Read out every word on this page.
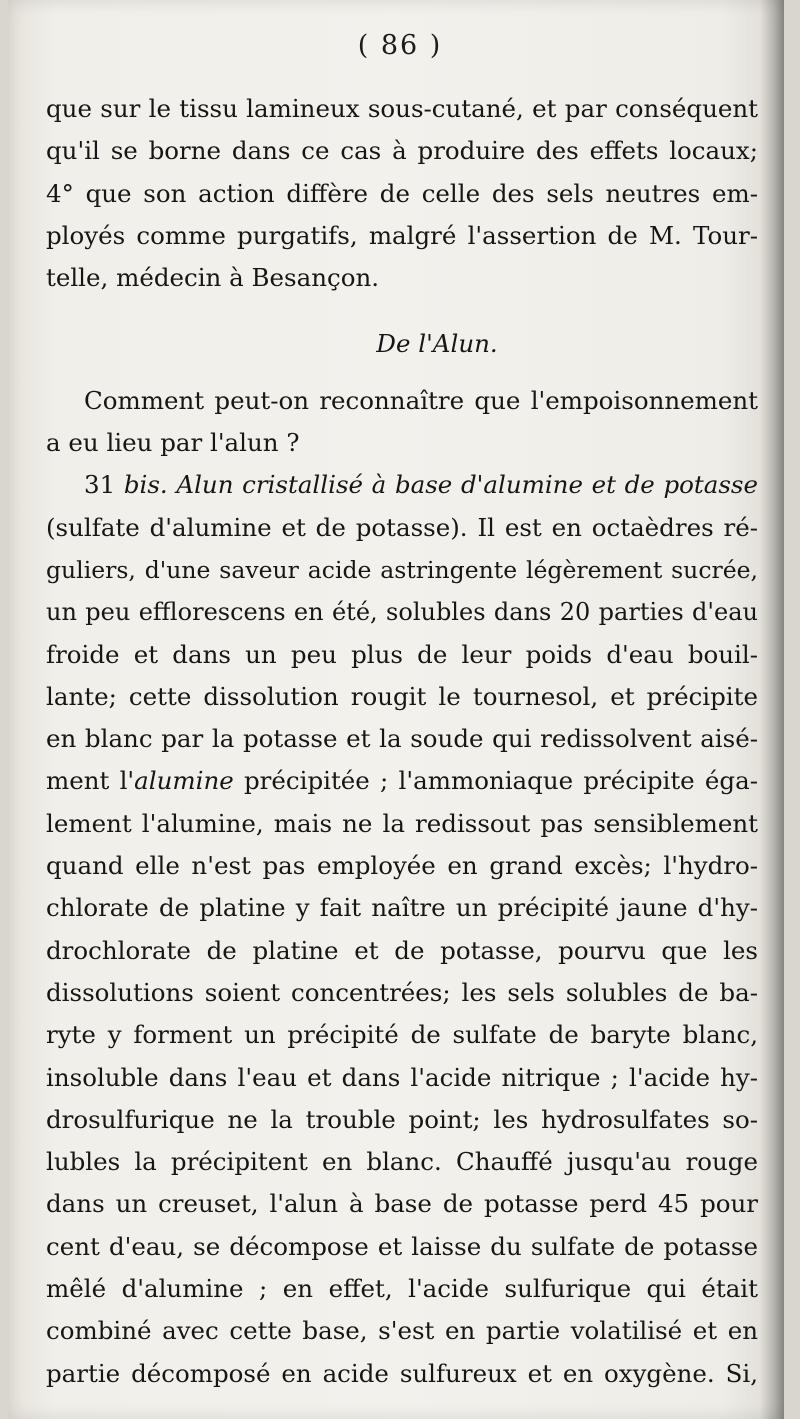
( 86 )
que sur le tissu lamineux sous-cutané, et par conséquent
qu'il se borne dans ce cas à produire des effets locaux;
4° que son action diffère de celle des sels neutres em-
ployés comme purgatifs, malgré l'assertion de M. Tour-
telle, médecin à Besançon.
De l'Alun.
Comment peut-on reconnaître que l'empoisonnement
a eu lieu par l'alun ?
31 bis. Alun cristallisé à base d'alumine et de potasse
(sulfate d'alumine et de potasse). Il est en octaèdres ré-
guliers, d'une saveur acide astringente légèrement sucrée,
un peu efflorescens en été, solubles dans 20 parties d'eau
froide et dans un peu plus de leur poids d'eau bouil-
lante; cette dissolution rougit le tournesol, et précipite
en blanc par la potasse et la soude qui redissolvent aisé-
ment l'alumine précipitée ; l'ammoniaque précipite éga-
lement l'alumine, mais ne la redissout pas sensiblement
quand elle n'est pas employée en grand excès; l'hydro-
chlorate de platine y fait naître un précipité jaune d'hy-
drochlorate de platine et de potasse, pourvu que les
dissolutions soient concentrées; les sels solubles de ba-
ryte y forment un précipité de sulfate de baryte blanc,
insoluble dans l'eau et dans l'acide nitrique ; l'acide hy-
drosulfurique ne la trouble point; les hydrosulfates so-
lubles la précipitent en blanc. Chauffé jusqu'au rouge
dans un creuset, l'alun à base de potasse perd 45 pour
cent d'eau, se décompose et laisse du sulfate de potasse
mêlé d'alumine ; en effet, l'acide sulfurique qui était
combiné avec cette base, s'est en partie volatilisé et en
partie décomposé en acide sulfureux et en oxygène. Si,
